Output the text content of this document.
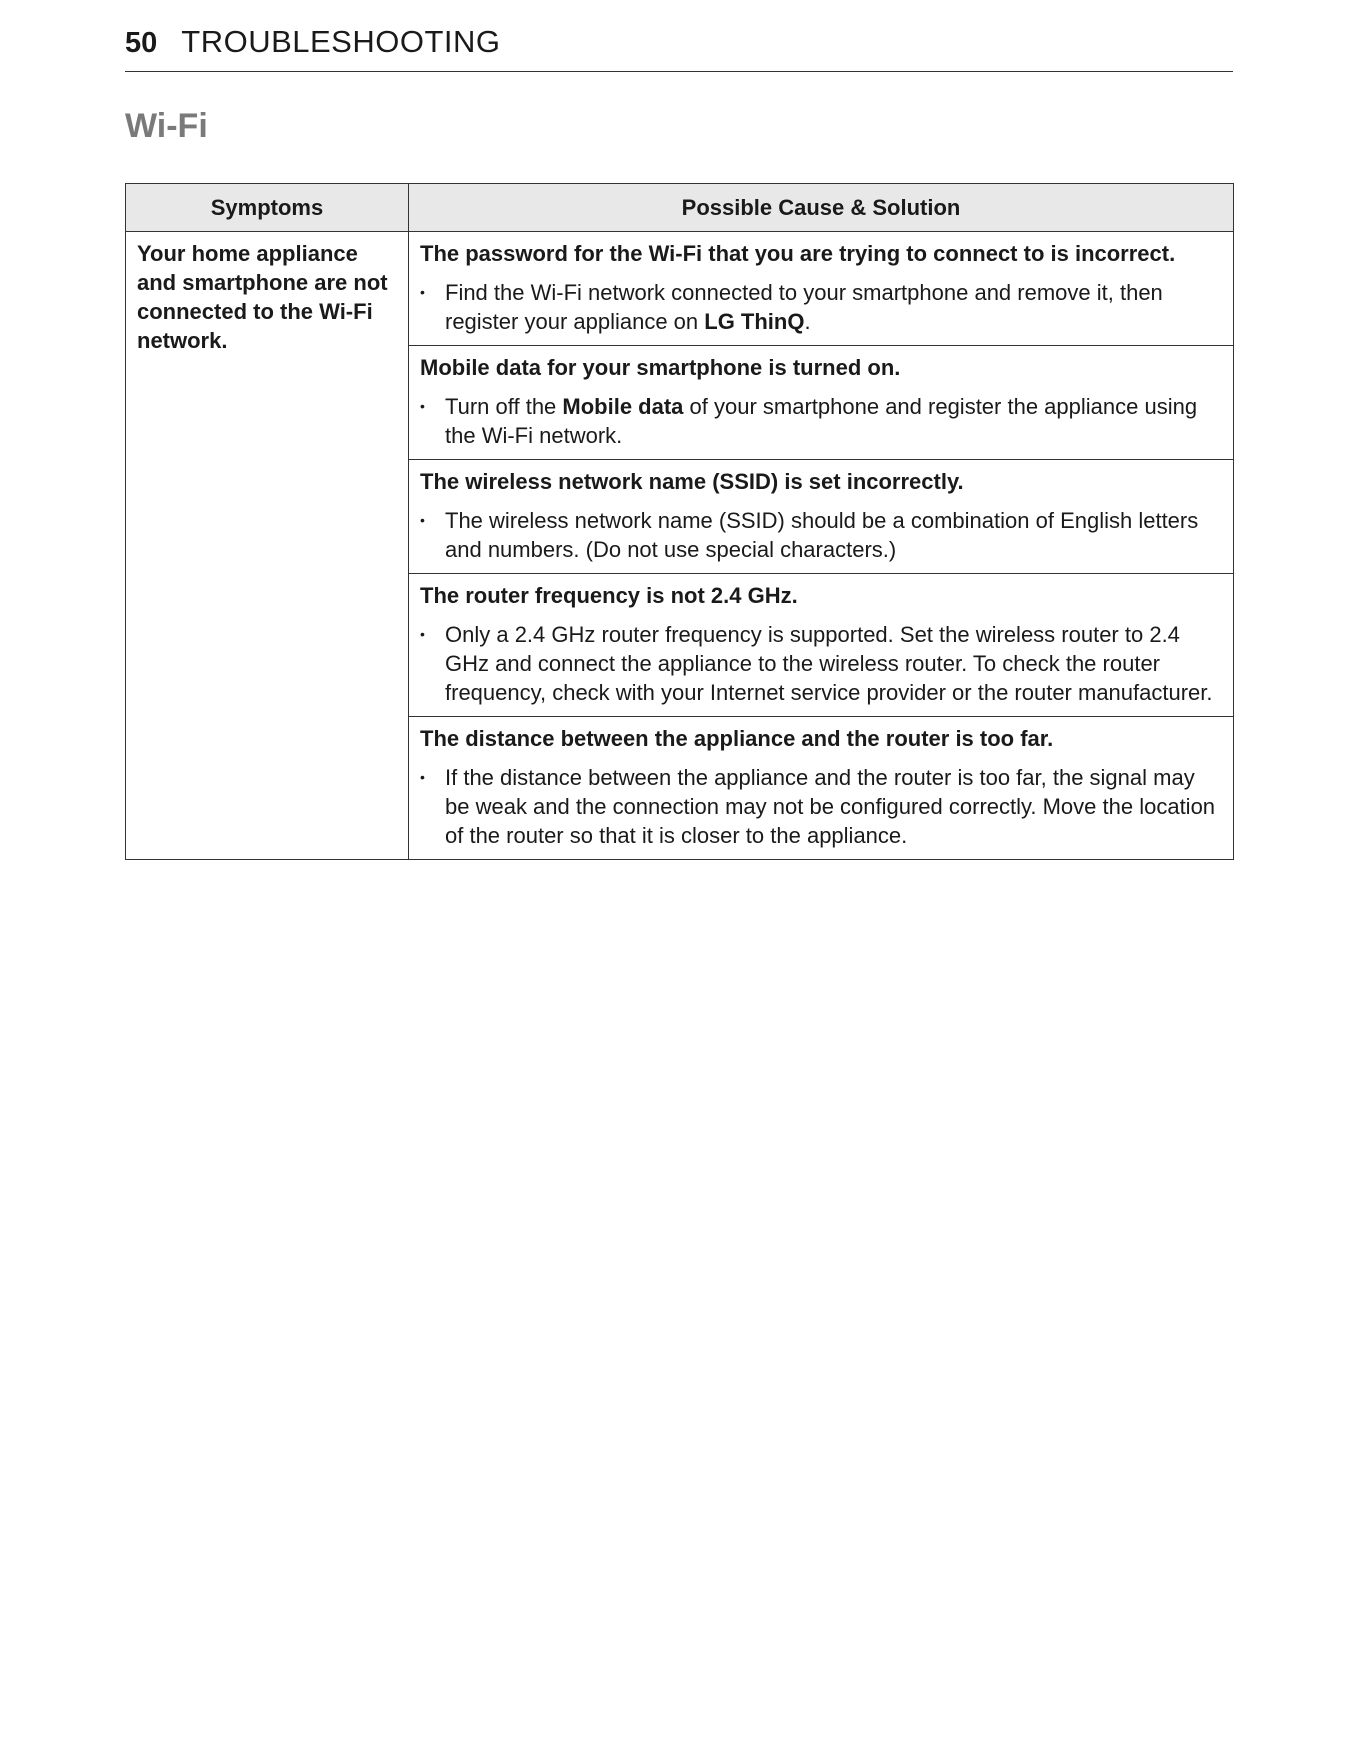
50 TROUBLESHOOTING
Wi-Fi
Symptoms	Possible Cause & Solution

Your home appliance and smartphone are not connected to the Wi-Fi network.	The password for the Wi-Fi that you are trying to connect to is incorrect.
• Find the Wi-Fi network connected to your smartphone and remove it, then register your appliance on LG ThinQ.

	Mobile data for your smartphone is turned on.
• Turn off the Mobile data of your smartphone and register the appliance using the Wi-Fi network.

	The wireless network name (SSID) is set incorrectly.
• The wireless network name (SSID) should be a combination of English letters and numbers. (Do not use special characters.)

	The router frequency is not 2.4 GHz.
• Only a 2.4 GHz router frequency is supported. Set the wireless router to 2.4 GHz and connect the appliance to the wireless router. To check the router frequency, check with your Internet service provider or the router manufacturer.

	The distance between the appliance and the router is too far.
• If the distance between the appliance and the router is too far, the signal may be weak and the connection may not be configured correctly. Move the location of the router so that it is closer to the appliance.
